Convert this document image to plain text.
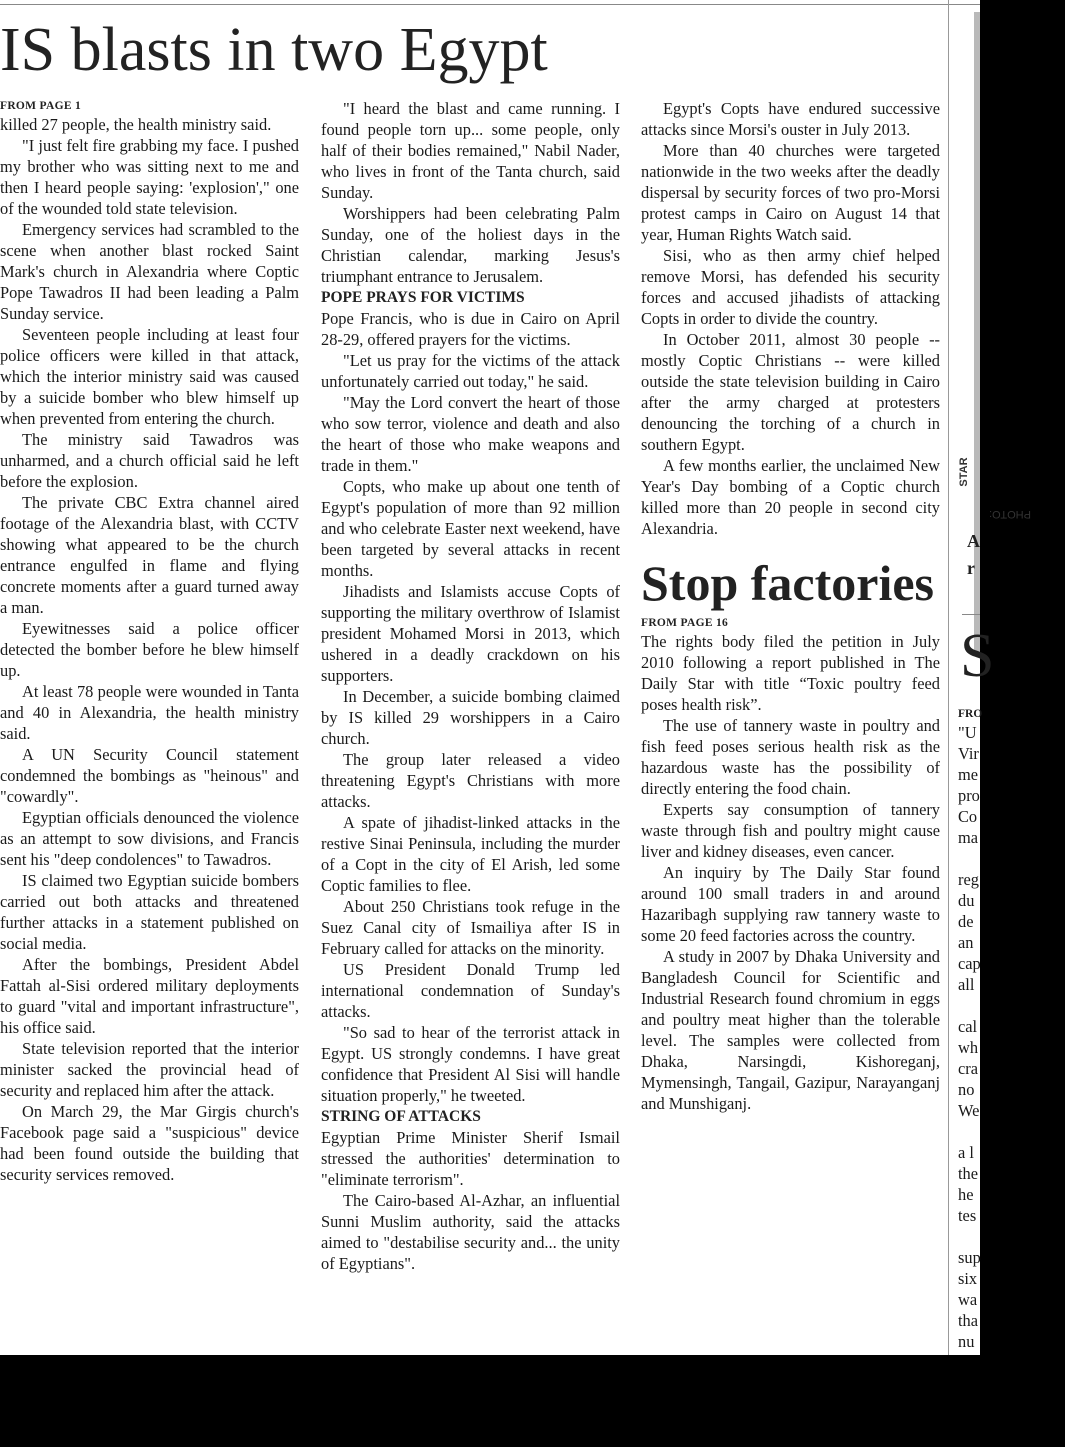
IS blasts in two Egypt
FROM PAGE 1

killed 27 people, the health ministry said.

"I just felt fire grabbing my face. I pushed my brother who was sitting next to me and then I heard people saying: 'explosion'," one of the wounded told state television.

Emergency services had scrambled to the scene when another blast rocked Saint Mark's church in Alexandria where Coptic Pope Tawadros II had been leading a Palm Sunday service.

Seventeen people including at least four police officers were killed in that attack, which the interior ministry said was caused by a suicide bomber who blew himself up when prevented from entering the church.

The ministry said Tawadros was unharmed, and a church official said he left before the explosion.

The private CBC Extra channel aired footage of the Alexandria blast, with CCTV showing what appeared to be the church entrance engulfed in flame and flying concrete moments after a guard turned away a man.

Eyewitnesses said a police officer detected the bomber before he blew himself up.

At least 78 people were wounded in Tanta and 40 in Alexandria, the health ministry said.

A UN Security Council statement condemned the bombings as "heinous" and "cowardly".

Egyptian officials denounced the violence as an attempt to sow divisions, and Francis sent his "deep condolences" to Tawadros.

IS claimed two Egyptian suicide bombers carried out both attacks and threatened further attacks in a statement published on social media.

After the bombings, President Abdel Fattah al-Sisi ordered military deployments to guard "vital and important infrastructure", his office said.

State television reported that the interior minister sacked the provincial head of security and replaced him after the attack.

On March 29, the Mar Girgis church's Facebook page said a "suspicious" device had been found outside the building that security services removed.

"I heard the blast and came running. I found people torn up... some people, only half of their bodies remained," Nabil Nader, who lives in front of the Tanta church, said Sunday.

Worshippers had been celebrating Palm Sunday, one of the holiest days in the Christian calendar, marking Jesus's triumphant entrance to Jerusalem.

POPE PRAYS FOR VICTIMS

Pope Francis, who is due in Cairo on April 28-29, offered prayers for the victims.

"Let us pray for the victims of the attack unfortunately carried out today," he said.

"May the Lord convert the heart of those who sow terror, violence and death and also the heart of those who make weapons and trade in them."

Copts, who make up about one tenth of Egypt's population of more than 92 million and who celebrate Easter next weekend, have been targeted by several attacks in recent months.

Jihadists and Islamists accuse Copts of supporting the military overthrow of Islamist president Mohamed Morsi in 2013, which ushered in a deadly crackdown on his supporters.

In December, a suicide bombing claimed by IS killed 29 worshippers in a Cairo church.

The group later released a video threatening Egypt's Christians with more attacks.

A spate of jihadist-linked attacks in the restive Sinai Peninsula, including the murder of a Copt in the city of El Arish, led some Coptic families to flee.

About 250 Christians took refuge in the Suez Canal city of Ismailiya after IS in February called for attacks on the minority.

US President Donald Trump led international condemnation of Sunday's attacks.

"So sad to hear of the terrorist attack in Egypt. US strongly condemns. I have great confidence that President Al Sisi will handle situation properly," he tweeted.

STRING OF ATTACKS

Egyptian Prime Minister Sherif Ismail stressed the authorities' determination to "eliminate terrorism".

The Cairo-based Al-Azhar, an influential Sunni Muslim authority, said the attacks aimed to "destabilise security and... the unity of Egyptians".

Egypt's Copts have endured successive attacks since Morsi's ouster in July 2013.

More than 40 churches were targeted nationwide in the two weeks after the deadly dispersal by security forces of two pro-Morsi protest camps in Cairo on August 14 that year, Human Rights Watch said.

Sisi, who as then army chief helped remove Morsi, has defended his security forces and accused jihadists of attacking Copts in order to divide the country.

In October 2011, almost 30 people -- mostly Coptic Christians -- were killed outside the state television building in Cairo after the army charged at protesters denouncing the torching of a church in southern Egypt.

A few months earlier, the unclaimed New Year's Day bombing of a Coptic church killed more than 20 people in second city Alexandria.

Stop factories
FROM PAGE 16

The rights body filed the petition in July 2010 following a report published in The Daily Star with title “Toxic poultry feed poses health risk”.

The use of tannery waste in poultry and fish feed poses serious health risk as the hazardous waste has the possibility of directly entering the food chain.

Experts say consumption of tannery waste through fish and poultry might cause liver and kidney diseases, even cancer.

An inquiry by The Daily Star found around 100 small traders in and around Hazaribagh supplying raw tannery waste to some 20 feed factories across the country.

A study in 2007 by Dhaka University and Bangladesh Council for Scientific and Industrial Research found chromium in eggs and poultry meat higher than the tolerable level. The samples were collected from Dhaka, Narsingdi, Kishoreganj, Mymensingh, Tangail, Gazipur, Narayanganj and Munshiganj.

PHOTO:
STAR
A
r
S
FRO
"U
Vir
me
pro
Co
ma
reg
du
de
an
cap
all
cal
wh
cra
no
We
a l
the
he
tes
sup
six
wa
tha
nu
